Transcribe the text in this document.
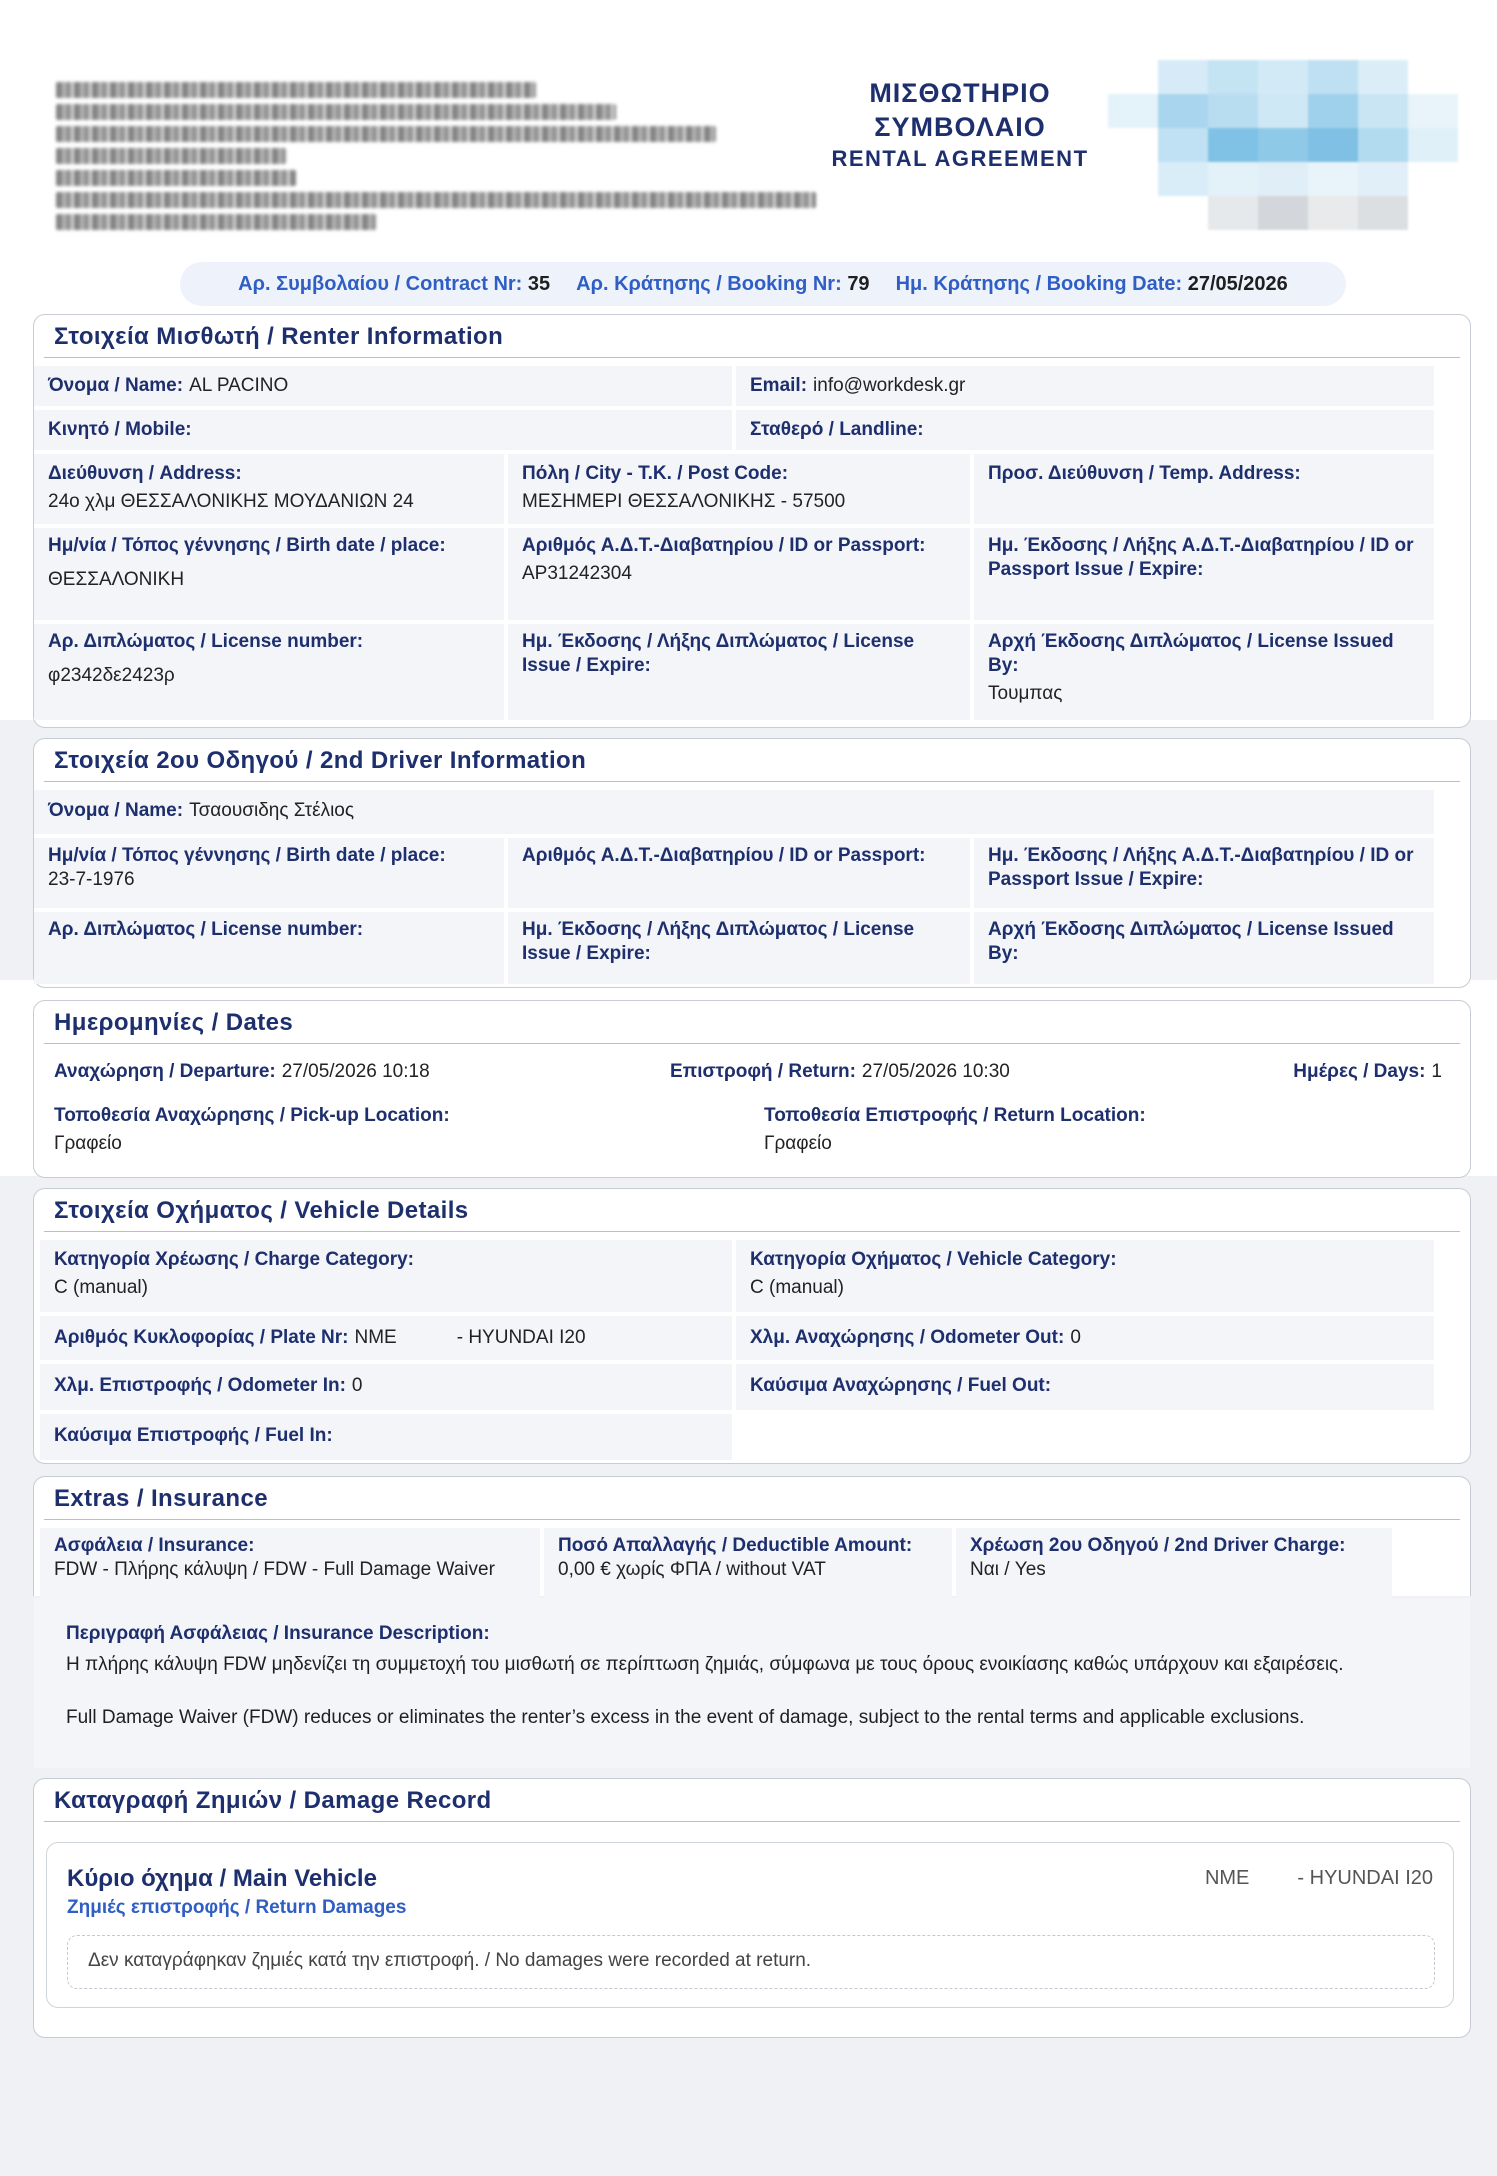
ΜΙΣΘΩΤΗΡΙΟ
ΣΥΜΒΟΛΑΙΟ
RENTAL AGREEMENT
Αρ. Συμβολαίου / Contract Nr: 35 Αρ. Κράτησης / Booking Nr: 79 Ημ. Κράτησης / Booking Date: 27/05/2026
Στοιχεία Μισθωτή / Renter Information
Όνομα / Name: AL PACINO	Email: info@workdesk.gr
Κινητό / Mobile:	Σταθερό / Landline:
Διεύθυνση / Address:
24ο χλμ ΘΕΣΣΑΛΟΝΙΚΗΣ ΜΟΥΔΑΝΙΩΝ 24
Πόλη / City - Τ.Κ. / Post Code:
ΜΕΣΗΜΕΡΙ ΘΕΣΣΑΛΟΝΙΚΗΣ - 57500
Προσ. Διεύθυνση / Temp. Address:
Ημ/νία / Τόπος γέννησης / Birth date / place:
ΘΕΣΣΑΛΟΝΙΚΗ
Αριθμός Α.Δ.Τ.-Διαβατηρίου / ID or Passport:
AP31242304
Ημ. Έκδοσης / Λήξης Α.Δ.Τ.-Διαβατηρίου / ID or Passport Issue / Expire:
Αρ. Διπλώματος / License number:
φ2342δε2423ρ
Ημ. Έκδοσης / Λήξης Διπλώματος / License Issue / Expire:
Αρχή Έκδοσης Διπλώματος / License Issued By:
Τουμπας
Στοιχεία 2ου Οδηγού / 2nd Driver Information
Όνομα / Name: Τσαουσιδης Στέλιος
Ημ/νία / Τόπος γέννησης / Birth date / place:
23-7-1976
Αριθμός Α.Δ.Τ.-Διαβατηρίου / ID or Passport:	Ημ. Έκδοσης / Λήξης Α.Δ.Τ.-Διαβατηρίου / ID or Passport Issue / Expire:
Αρ. Διπλώματος / License number:	Ημ. Έκδοσης / Λήξης Διπλώματος / License Issue / Expire:
Αρχή Έκδοσης Διπλώματος / License Issued By:
Ημερομηνίες / Dates
Αναχώρηση / Departure: 27/05/2026 10:18	Επιστροφή / Return: 27/05/2026 10:30	Ημέρες / Days: 1
Τοποθεσία Αναχώρησης / Pick-up Location:
Γραφείο
Τοποθεσία Επιστροφής / Return Location:
Γραφείο
Στοιχεία Οχήματος / Vehicle Details
Κατηγορία Χρέωσης / Charge Category:
C (manual)
Κατηγορία Οχήματος / Vehicle Category:
C (manual)
Αριθμός Κυκλοφορίας / Plate Nr: ΝΜΕ	- HYUNDAI I20	Χλμ. Αναχώρησης / Odometer Out: 0
Χλμ. Επιστροφής / Odometer In: 0	Καύσιμα Αναχώρησης / Fuel Out:
Καύσιμα Επιστροφής / Fuel In:
Extras / Insurance
Ασφάλεια / Insurance:
FDW - Πλήρης κάλυψη / FDW - Full Damage Waiver
Ποσό Απαλλαγής / Deductible Amount:
0,00 € χωρίς ΦΠΑ / without VAT
Χρέωση 2ου Οδηγού / 2nd Driver Charge:
Ναι / Yes
Περιγραφή Ασφάλειας / Insurance Description:
Η πλήρης κάλυψη FDW μηδενίζει τη συμμετοχή του μισθωτή σε περίπτωση ζημιάς, σύμφωνα με τους όρους ενοικίασης καθώς υπάρχουν και εξαιρέσεις.
Full Damage Waiver (FDW) reduces or eliminates the renter’s excess in the event of damage, subject to the rental terms and applicable exclusions.
Καταγραφή Ζημιών / Damage Record
Κύριο όχημα / Main Vehicle
Ζημιές επιστροφής / Return Damages
ΝΜΕ - HYUNDAI I20
Δεν καταγράφηκαν ζημιές κατά την επιστροφή. / No damages were recorded at return.
